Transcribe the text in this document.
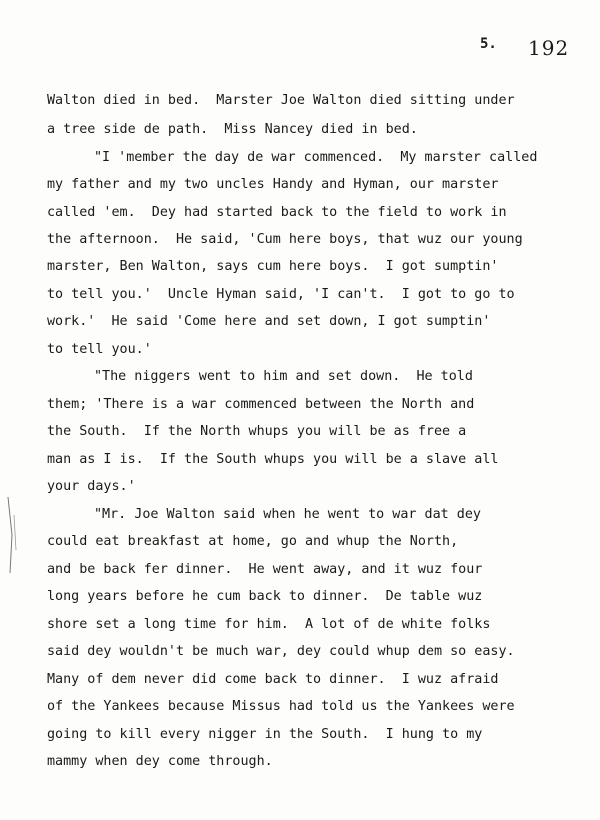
5. 192
Walton died in bed.  Marster Joe Walton died sitting under
a tree side de path.  Miss Nancey died in bed.
"I 'member the day de war commenced.  My marster called
my father and my two uncles Handy and Hyman, our marster
called 'em.  Dey had started back to the field to work in
the afternoon.  He said, 'Cum here boys, that wuz our young
marster, Ben Walton, says cum here boys.  I got sumptin'
to tell you.'  Uncle Hyman said, 'I can't.  I got to go to
work.'  He said 'Come here and set down, I got sumptin'
to tell you.'
"The niggers went to him and set down.  He told
them; 'There is a war commenced between the North and
the South.  If the North whups you will be as free a
man as I is.  If the South whups you will be a slave all
your days.'
"Mr. Joe Walton said when he went to war dat dey
could eat breakfast at home, go and whup the North,
and be back fer dinner.  He went away, and it wuz four
long years before he cum back to dinner.  De table wuz
shore set a long time for him.  A lot of de white folks
said dey wouldn't be much war, dey could whup dem so easy.
Many of dem never did come back to dinner.  I wuz afraid
of the Yankees because Missus had told us the Yankees were
going to kill every nigger in the South.  I hung to my
mammy when dey come through.
